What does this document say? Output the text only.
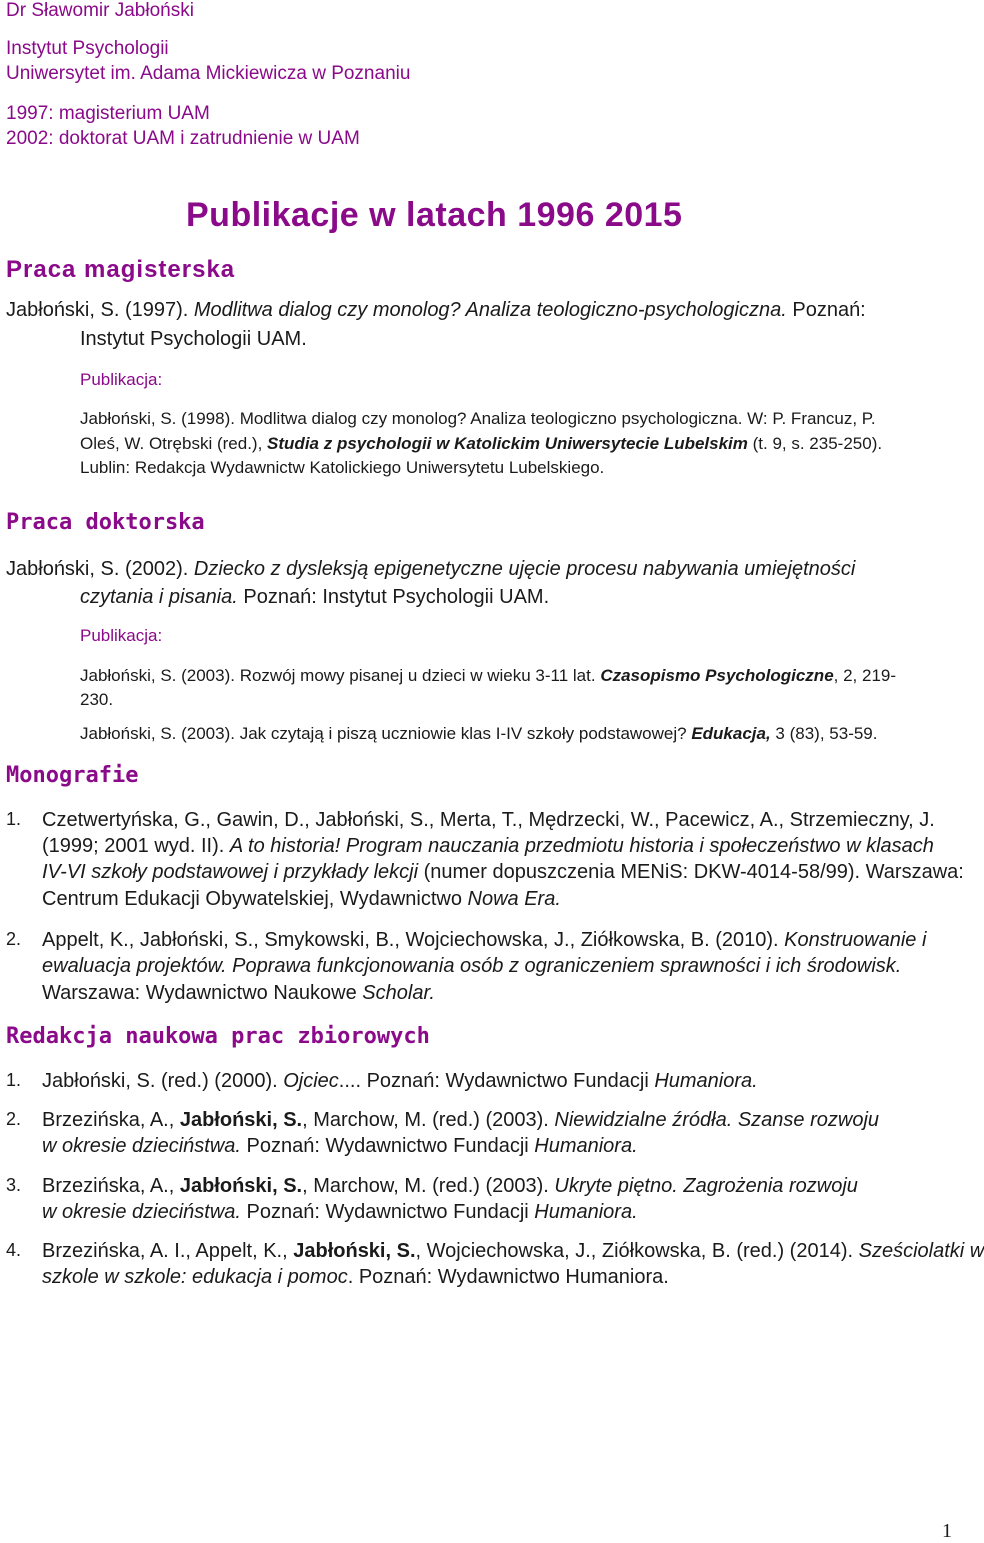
Dr Sławomir Jabłoński
Instytut Psychologii
Uniwersytet im. Adama Mickiewicza w Poznaniu
1997: magisterium UAM
2002: doktorat UAM i zatrudnienie w UAM
Publikacje w latach 1996 2015
Praca magisterska
Jabłoński, S. (1997). Modlitwa dialog czy monolog? Analiza teologiczno-psychologiczna. Poznań:
Instytut Psychologii UAM.
Publikacja:
Jabłoński, S. (1998). Modlitwa dialog czy monolog? Analiza teologiczno psychologiczna. W: P. Francuz, P.
Oleś, W. Otrębski (red.), Studia z psychologii w Katolickim Uniwersytecie Lubelskim (t. 9, s. 235-250).
Lublin: Redakcja Wydawnictw Katolickiego Uniwersytetu Lubelskiego.
Praca doktorska
Jabłoński, S. (2002). Dziecko z dysleksją epigenetyczne ujęcie procesu nabywania umiejętności
czytania i pisania. Poznań: Instytut Psychologii UAM.
Publikacja:
Jabłoński, S. (2003). Rozwój mowy pisanej u dzieci w wieku 3-11 lat. Czasopismo Psychologiczne, 2, 219-
230.
Jabłoński, S. (2003). Jak czytają i piszą uczniowie klas I-IV szkoły podstawowej? Edukacja, 3 (83), 53-59.
Monografie
1. Czetwertyńska, G., Gawin, D., Jabłoński, S., Merta, T., Mędrzecki, W., Pacewicz, A., Strzemieczny, J.
(1999; 2001 wyd. II). A to historia! Program nauczania przedmiotu historia i społeczeństwo w klasach
IV-VI szkoły podstawowej i przykłady lekcji (numer dopuszczenia MENiS: DKW-4014-58/99). Warszawa:
Centrum Edukacji Obywatelskiej, Wydawnictwo Nowa Era.
2. Appelt, K., Jabłoński, S., Smykowski, B., Wojciechowska, J., Ziółkowska, B. (2010). Konstruowanie i
ewaluacja projektów. Poprawa funkcjonowania osób z ograniczeniem sprawności i ich środowisk.
Warszawa: Wydawnictwo Naukowe Scholar.
Redakcja naukowa prac zbiorowych
1. Jabłoński, S. (red.) (2000). Ojciec.... Poznań: Wydawnictwo Fundacji Humaniora.
2. Brzezińska, A., Jabłoński, S., Marchow, M. (red.) (2003). Niewidzialne źródła. Szanse rozwoju
w okresie dzieciństwa. Poznań: Wydawnictwo Fundacji Humaniora.
3. Brzezińska, A., Jabłoński, S., Marchow, M. (red.) (2003). Ukryte piętno. Zagrożenia rozwoju
w okresie dzieciństwa. Poznań: Wydawnictwo Fundacji Humaniora.
4. Brzezińska, A. I., Appelt, K., Jabłoński, S., Wojciechowska, J., Ziółkowska, B. (red.) (2014). Sześciolatki w
szkole w szkole: edukacja i pomoc. Poznań: Wydawnictwo Humaniora.
1
